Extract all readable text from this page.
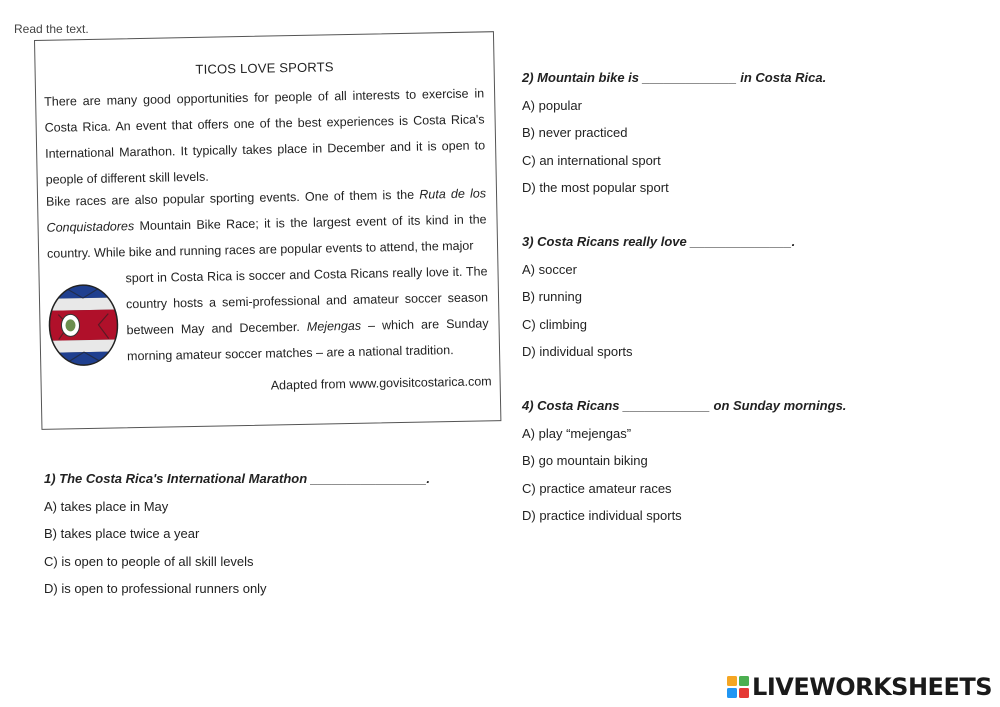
Read the text.
TICOS LOVE SPORTS
There are many good opportunities for people of all interests to exercise in Costa Rica. An event that offers one of the best experiences is Costa Rica's International Marathon. It typically takes place in December and it is open to people of different skill levels.
Bike races are also popular sporting events. One of them is the Ruta de los Conquistadores Mountain Bike Race; it is the largest event of its kind in the country. While bike and running races are popular events to attend, the major
sport in Costa Rica is soccer and Costa Ricans really love it. The country hosts a semi-professional and amateur soccer season between May and December. Mejengas – which are Sunday morning amateur soccer matches – are a national tradition.
Adapted from www.govisitcostarica.com
1) The Costa Rica's International Marathon ________________.
A) takes place in May
B) takes place twice a year
C) is open to people of all skill levels
D) is open to professional runners only
2) Mountain bike is _____________ in Costa Rica.
A) popular
B) never practiced
C) an international sport
D) the most popular sport
3) Costa Ricans really love ______________.
A) soccer
B) running
C) climbing
D) individual sports
4) Costa Ricans ____________ on Sunday mornings.
A) play “mejengas”
B) go mountain biking
C) practice amateur races
D) practice individual sports
LIVEWORKSHEETS
